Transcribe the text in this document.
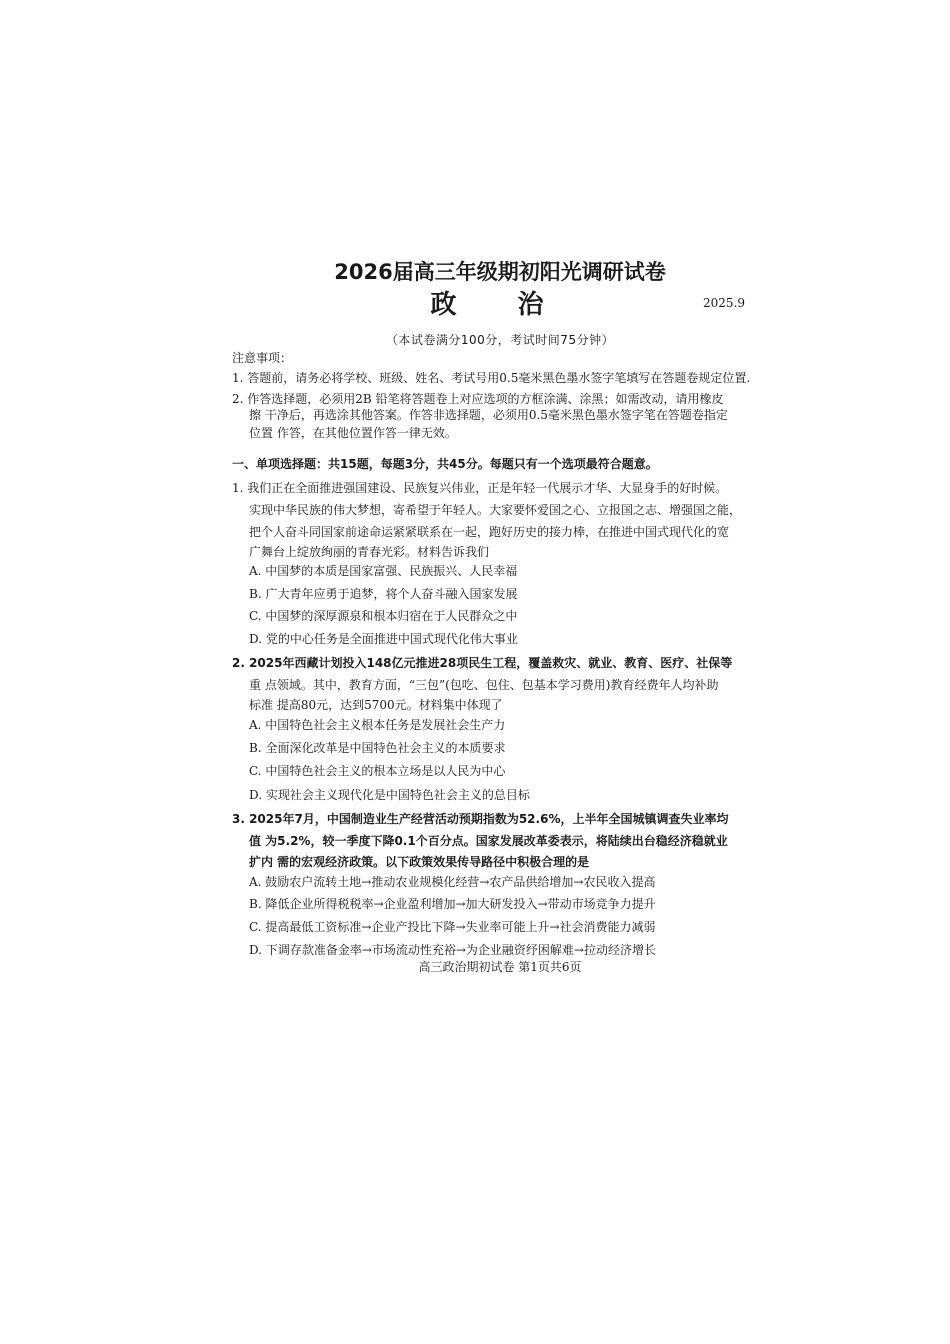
2026届高三年级期初阳光调研试卷
政 治	2025.9
（本试卷满分100分，考试时间75分钟）
注意事项：
1. 答题前，请务必将学校、班级、姓名、考试号用0.5毫米黑色墨水签字笔填写在答题卷规定位置.
2. 作答选择题，必须用2B 铅笔将答题卷上对应选项的方框涂满、涂黑；如需改动，请用橡皮
擦 干净后，再选涂其他答案。作答非选择题，必须用0.5毫米黑色墨水签字笔在答题卷指定
位置 作答，在其他位置作答一律无效。
一、单项选择题：共15题，每题3分，共45分。每题只有一个选项最符合题意。
1. 我们正在全面推进强国建设、民族复兴伟业，正是年轻一代展示才华、大显身手的好时候。
实现中华民族的伟大梦想，寄希望于年轻人。大家要怀爱国之心、立报国之志、增强国之能，
把个人奋斗同国家前途命运紧紧联系在一起，跑好历史的接力棒，在推进中国式现代化的宽
广舞台上绽放绚丽的青春光彩。材料告诉我们
A. 中国梦的本质是国家富强、民族振兴、人民幸福
B. 广大青年应勇于追梦，将个人奋斗融入国家发展
C. 中国梦的深厚源泉和根本归宿在于人民群众之中
D. 党的中心任务是全面推进中国式现代化伟大事业
2. 2025年西藏计划投入148亿元推进28项民生工程，覆盖救灾、就业、教育、医疗、社保等
重 点领域。其中，教育方面，“三包”(包吃、包住、包基本学习费用)教育经费年人均补助
标准 提高80元，达到5700元。材料集中体现了
A. 中国特色社会主义根本任务是发展社会生产力
B. 全面深化改革是中国特色社会主义的本质要求
C. 中国特色社会主义的根本立场是以人民为中心
D. 实现社会主义现代化是中国特色社会主义的总目标
3. 2025年7月，中国制造业生产经营活动预期指数为52.6%，上半年全国城镇调查失业率均
值 为5.2%，较一季度下降0.1个百分点。国家发展改革委表示，将陆续出台稳经济稳就业
扩内 需的宏观经济政策。以下政策效果传导路径中积极合理的是
A. 鼓励农户流转土地→推动农业规模化经营→农产品供给增加→农民收入提高
B. 降低企业所得税税率→企业盈利增加→加大研发投入→带动市场竞争力提升
C. 提高最低工资标准→企业产投比下降→失业率可能上升→社会消费能力减弱
D. 下调存款准备金率→市场流动性充裕→为企业融资纾困解难→拉动经济增长
高三政治期初试卷 第1页共6页
